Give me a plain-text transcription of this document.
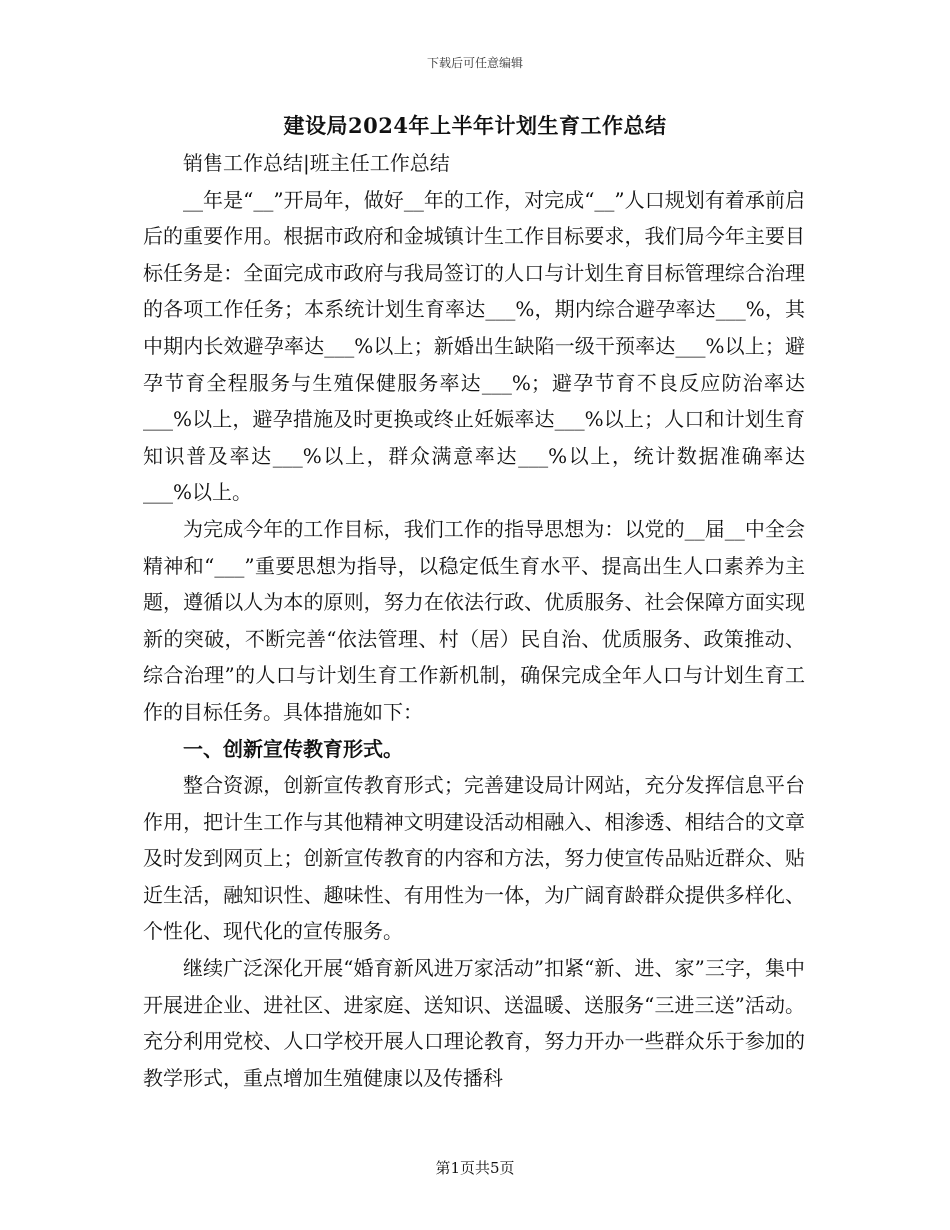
下载后可任意编辑
建设局2024年上半年计划生育工作总结

销售工作总结|班主任工作总结

__年是“__”开局年，做好__年的工作，对完成“__”人口规划有着承前启后的重要作用。根据市政府和金城镇计生工作目标要求，我们局今年主要目标任务是：全面完成市政府与我局签订的人口与计划生育目标管理综合治理的各项工作任务；本系统计划生育率达___%，期内综合避孕率达___%，其中期内长效避孕率达___%以上；新婚出生缺陷一级干预率达___%以上；避孕节育全程服务与生殖保健服务率达___%；避孕节育不良反应防治率达___%以上，避孕措施及时更换或终止妊娠率达___%以上；人口和计划生育知识普及率达___%以上，群众满意率达___%以上，统计数据准确率达___%以上。

为完成今年的工作目标，我们工作的指导思想为：以党的__届__中全会精神和“___”重要思想为指导，以稳定低生育水平、提高出生人口素养为主题，遵循以人为本的原则，努力在依法行政、优质服务、社会保障方面实现新的突破，不断完善“依法管理、村（居）民自治、优质服务、政策推动、综合治理”的人口与计划生育工作新机制，确保完成全年人口与计划生育工作的目标任务。具体措施如下：

一、创新宣传教育形式。

整合资源，创新宣传教育形式；完善建设局计网站，充分发挥信息平台作用，把计生工作与其他精神文明建设活动相融入、相渗透、相结合的文章及时发到网页上；创新宣传教育的内容和方法，努力使宣传品贴近群众、贴近生活，融知识性、趣味性、有用性为一体，为广阔育龄群众提供多样化、个性化、现代化的宣传服务。

继续广泛深化开展“婚育新风进万家活动”扣紧“新、进、家”三字，集中开展进企业、进社区、进家庭、送知识、送温暖、送服务“三进三送”活动。充分利用党校、人口学校开展人口理论教育，努力开办一些群众乐于参加的教学形式，重点增加生殖健康以及传播科

第1页共5页
